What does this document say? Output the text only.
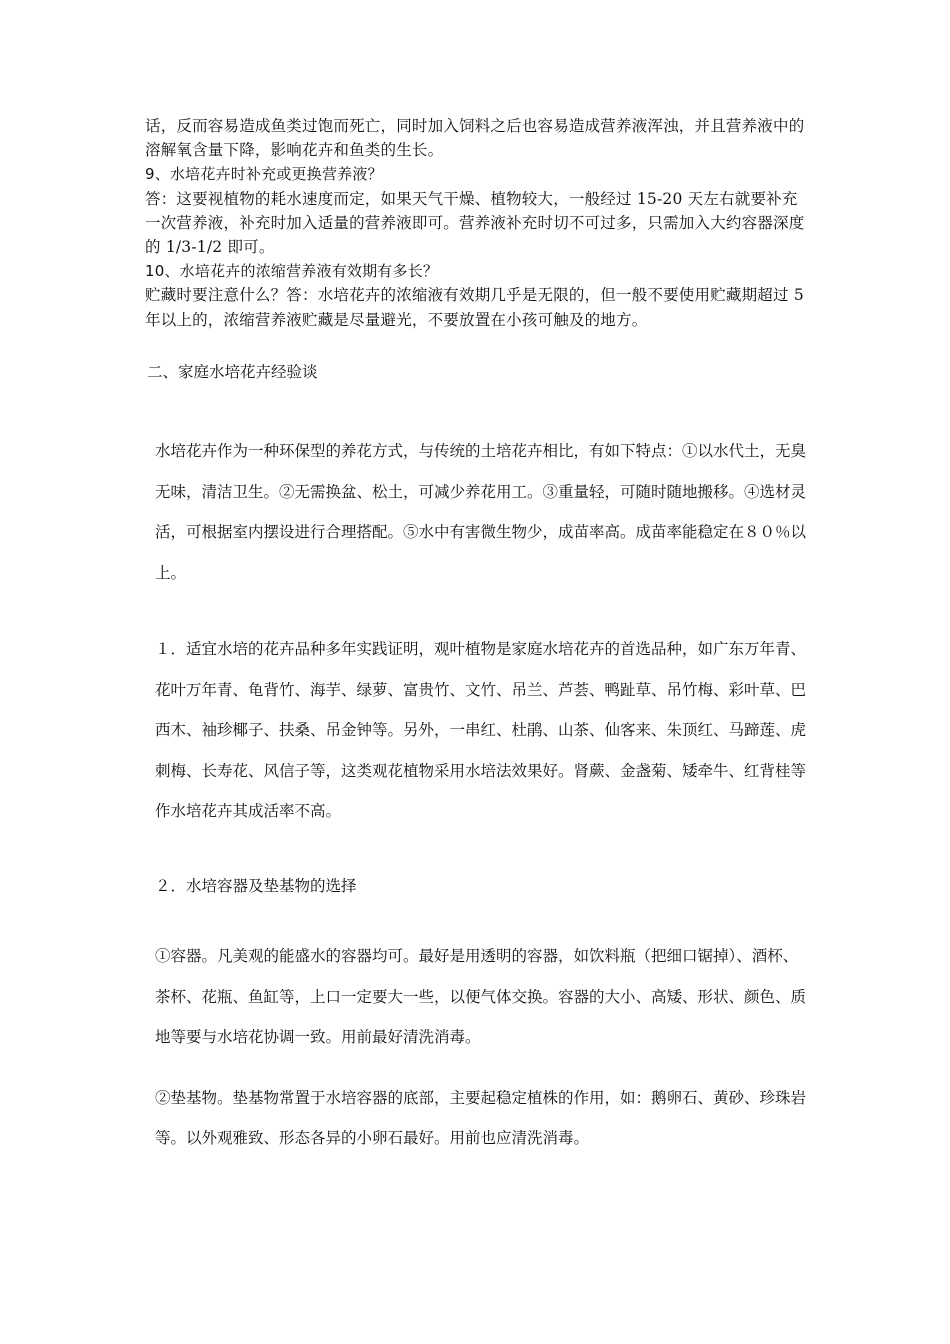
话，反而容易造成鱼类过饱而死亡，同时加入饲料之后也容易造成营养液浑浊，并且营养液中的溶解氧含量下降，影响花卉和鱼类的生长。

9、水培花卉时补充或更换营养液？

答：这要视植物的耗水速度而定，如果天气干燥、植物较大，一般经过 15-20 天左右就要补充一次营养液，补充时加入适量的营养液即可。营养液补充时切不可过多，只需加入大约容器深度的 1/3-1/2 即可。

10、水培花卉的浓缩营养液有效期有多长？

贮藏时要注意什么？答：水培花卉的浓缩液有效期几乎是无限的，但一般不要使用贮藏期超过 5 年以上的，浓缩营养液贮藏是尽量避光，不要放置在小孩可触及的地方。

二、家庭水培花卉经验谈

水培花卉作为一种环保型的养花方式，与传统的土培花卉相比，有如下特点：①以水代土，无臭无味，清洁卫生。②无需换盆、松土，可减少养花用工。③重量轻，可随时随地搬移。④选材灵活，可根据室内摆设进行合理搭配。⑤水中有害微生物少，成苗率高。成苗率能稳定在８０％以上。

１．适宜水培的花卉品种多年实践证明，观叶植物是家庭水培花卉的首选品种，如广东万年青、花叶万年青、龟背竹、海芋、绿萝、富贵竹、文竹、吊兰、芦荟、鸭趾草、吊竹梅、彩叶草、巴西木、袖珍椰子、扶桑、吊金钟等。另外，一串红、杜鹃、山茶、仙客来、朱顶红、马蹄莲、虎刺梅、长寿花、风信子等，这类观花植物采用水培法效果好。肾蕨、金盏菊、矮牵牛、红背桂等作水培花卉其成活率不高。

２．水培容器及垫基物的选择

①容器。凡美观的能盛水的容器均可。最好是用透明的容器，如饮料瓶（把细口锯掉）、酒杯、茶杯、花瓶、鱼缸等，上口一定要大一些，以便气体交换。容器的大小、高矮、形状、颜色、质地等要与水培花协调一致。用前最好清洗消毒。

②垫基物。垫基物常置于水培容器的底部，主要起稳定植株的作用，如：鹅卵石、黄砂、珍珠岩等。以外观雅致、形态各异的小卵石最好。用前也应清洗消毒。
